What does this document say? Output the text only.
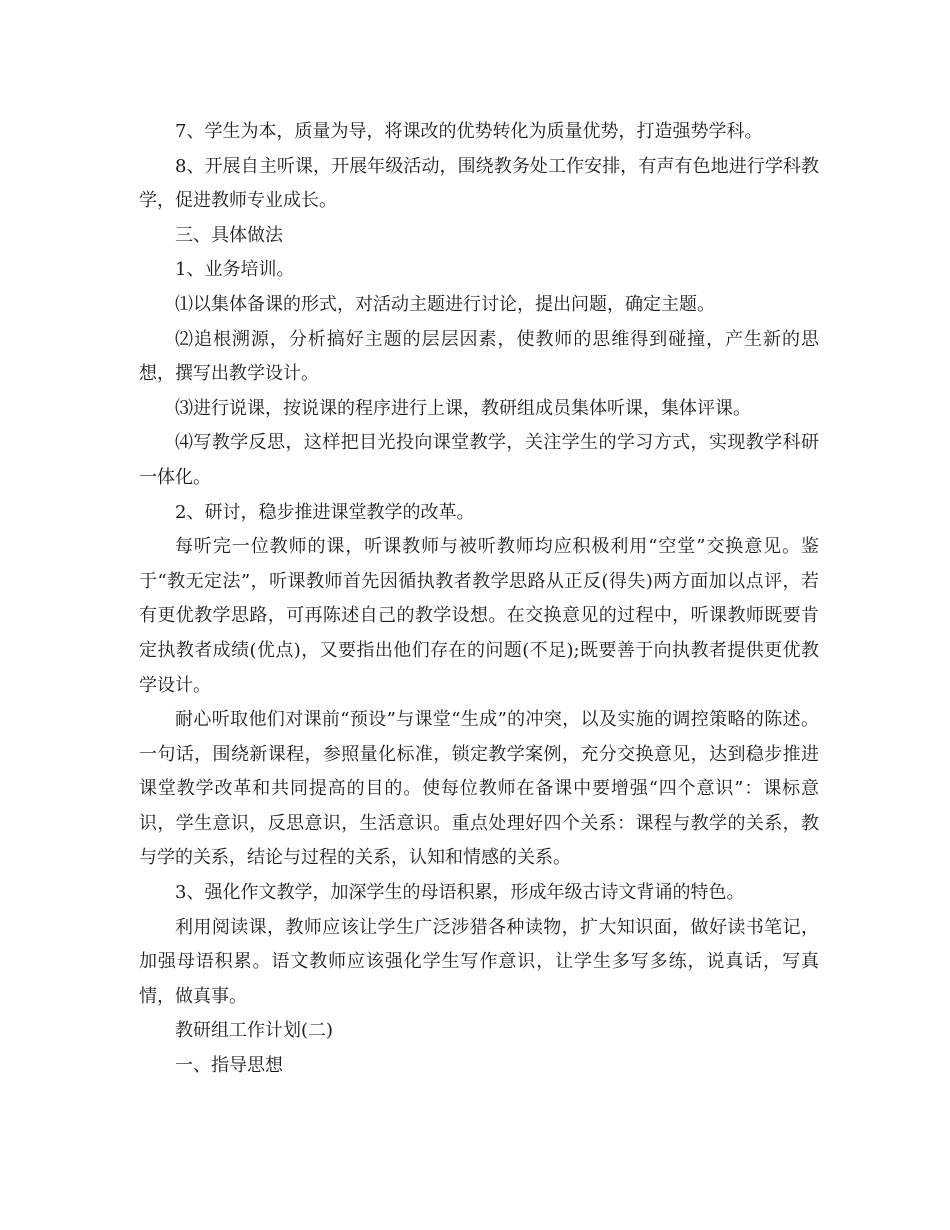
7、学生为本，质量为导，将课改的优势转化为质量优势，打造强势学科。

8、开展自主听课，开展年级活动，围绕教务处工作安排，有声有色地进行学科教学，促进教师专业成长。

三、具体做法

1、业务培训。

⑴以集体备课的形式，对活动主题进行讨论，提出问题，确定主题。

⑵追根溯源，分析搞好主题的层层因素，使教师的思维得到碰撞，产生新的思想，撰写出教学设计。

⑶进行说课，按说课的程序进行上课，教研组成员集体听课，集体评课。

⑷写教学反思，这样把目光投向课堂教学，关注学生的学习方式，实现教学科研一体化。

2、研讨，稳步推进课堂教学的改革。

每听完一位教师的课，听课教师与被听教师均应积极利用“空堂”交换意见。鉴于“教无定法”，听课教师首先因循执教者教学思路从正反(得失)两方面加以点评，若有更优教学思路，可再陈述自己的教学设想。在交换意见的过程中，听课教师既要肯定执教者成绩(优点)，又要指出他们存在的问题(不足);既要善于向执教者提供更优教学设计。

耐心听取他们对课前“预设”与课堂“生成”的冲突，以及实施的调控策略的陈述。一句话，围绕新课程，参照量化标准，锁定教学案例，充分交换意见，达到稳步推进课堂教学改革和共同提高的目的。使每位教师在备课中要增强“四个意识”：课标意识，学生意识，反思意识，生活意识。重点处理好四个关系：课程与教学的关系，教与学的关系，结论与过程的关系，认知和情感的关系。

3、强化作文教学，加深学生的母语积累，形成年级古诗文背诵的特色。

利用阅读课，教师应该让学生广泛涉猎各种读物，扩大知识面，做好读书笔记，加强母语积累。语文教师应该强化学生写作意识，让学生多写多练，说真话，写真情，做真事。

教研组工作计划(二)

一、指导思想
